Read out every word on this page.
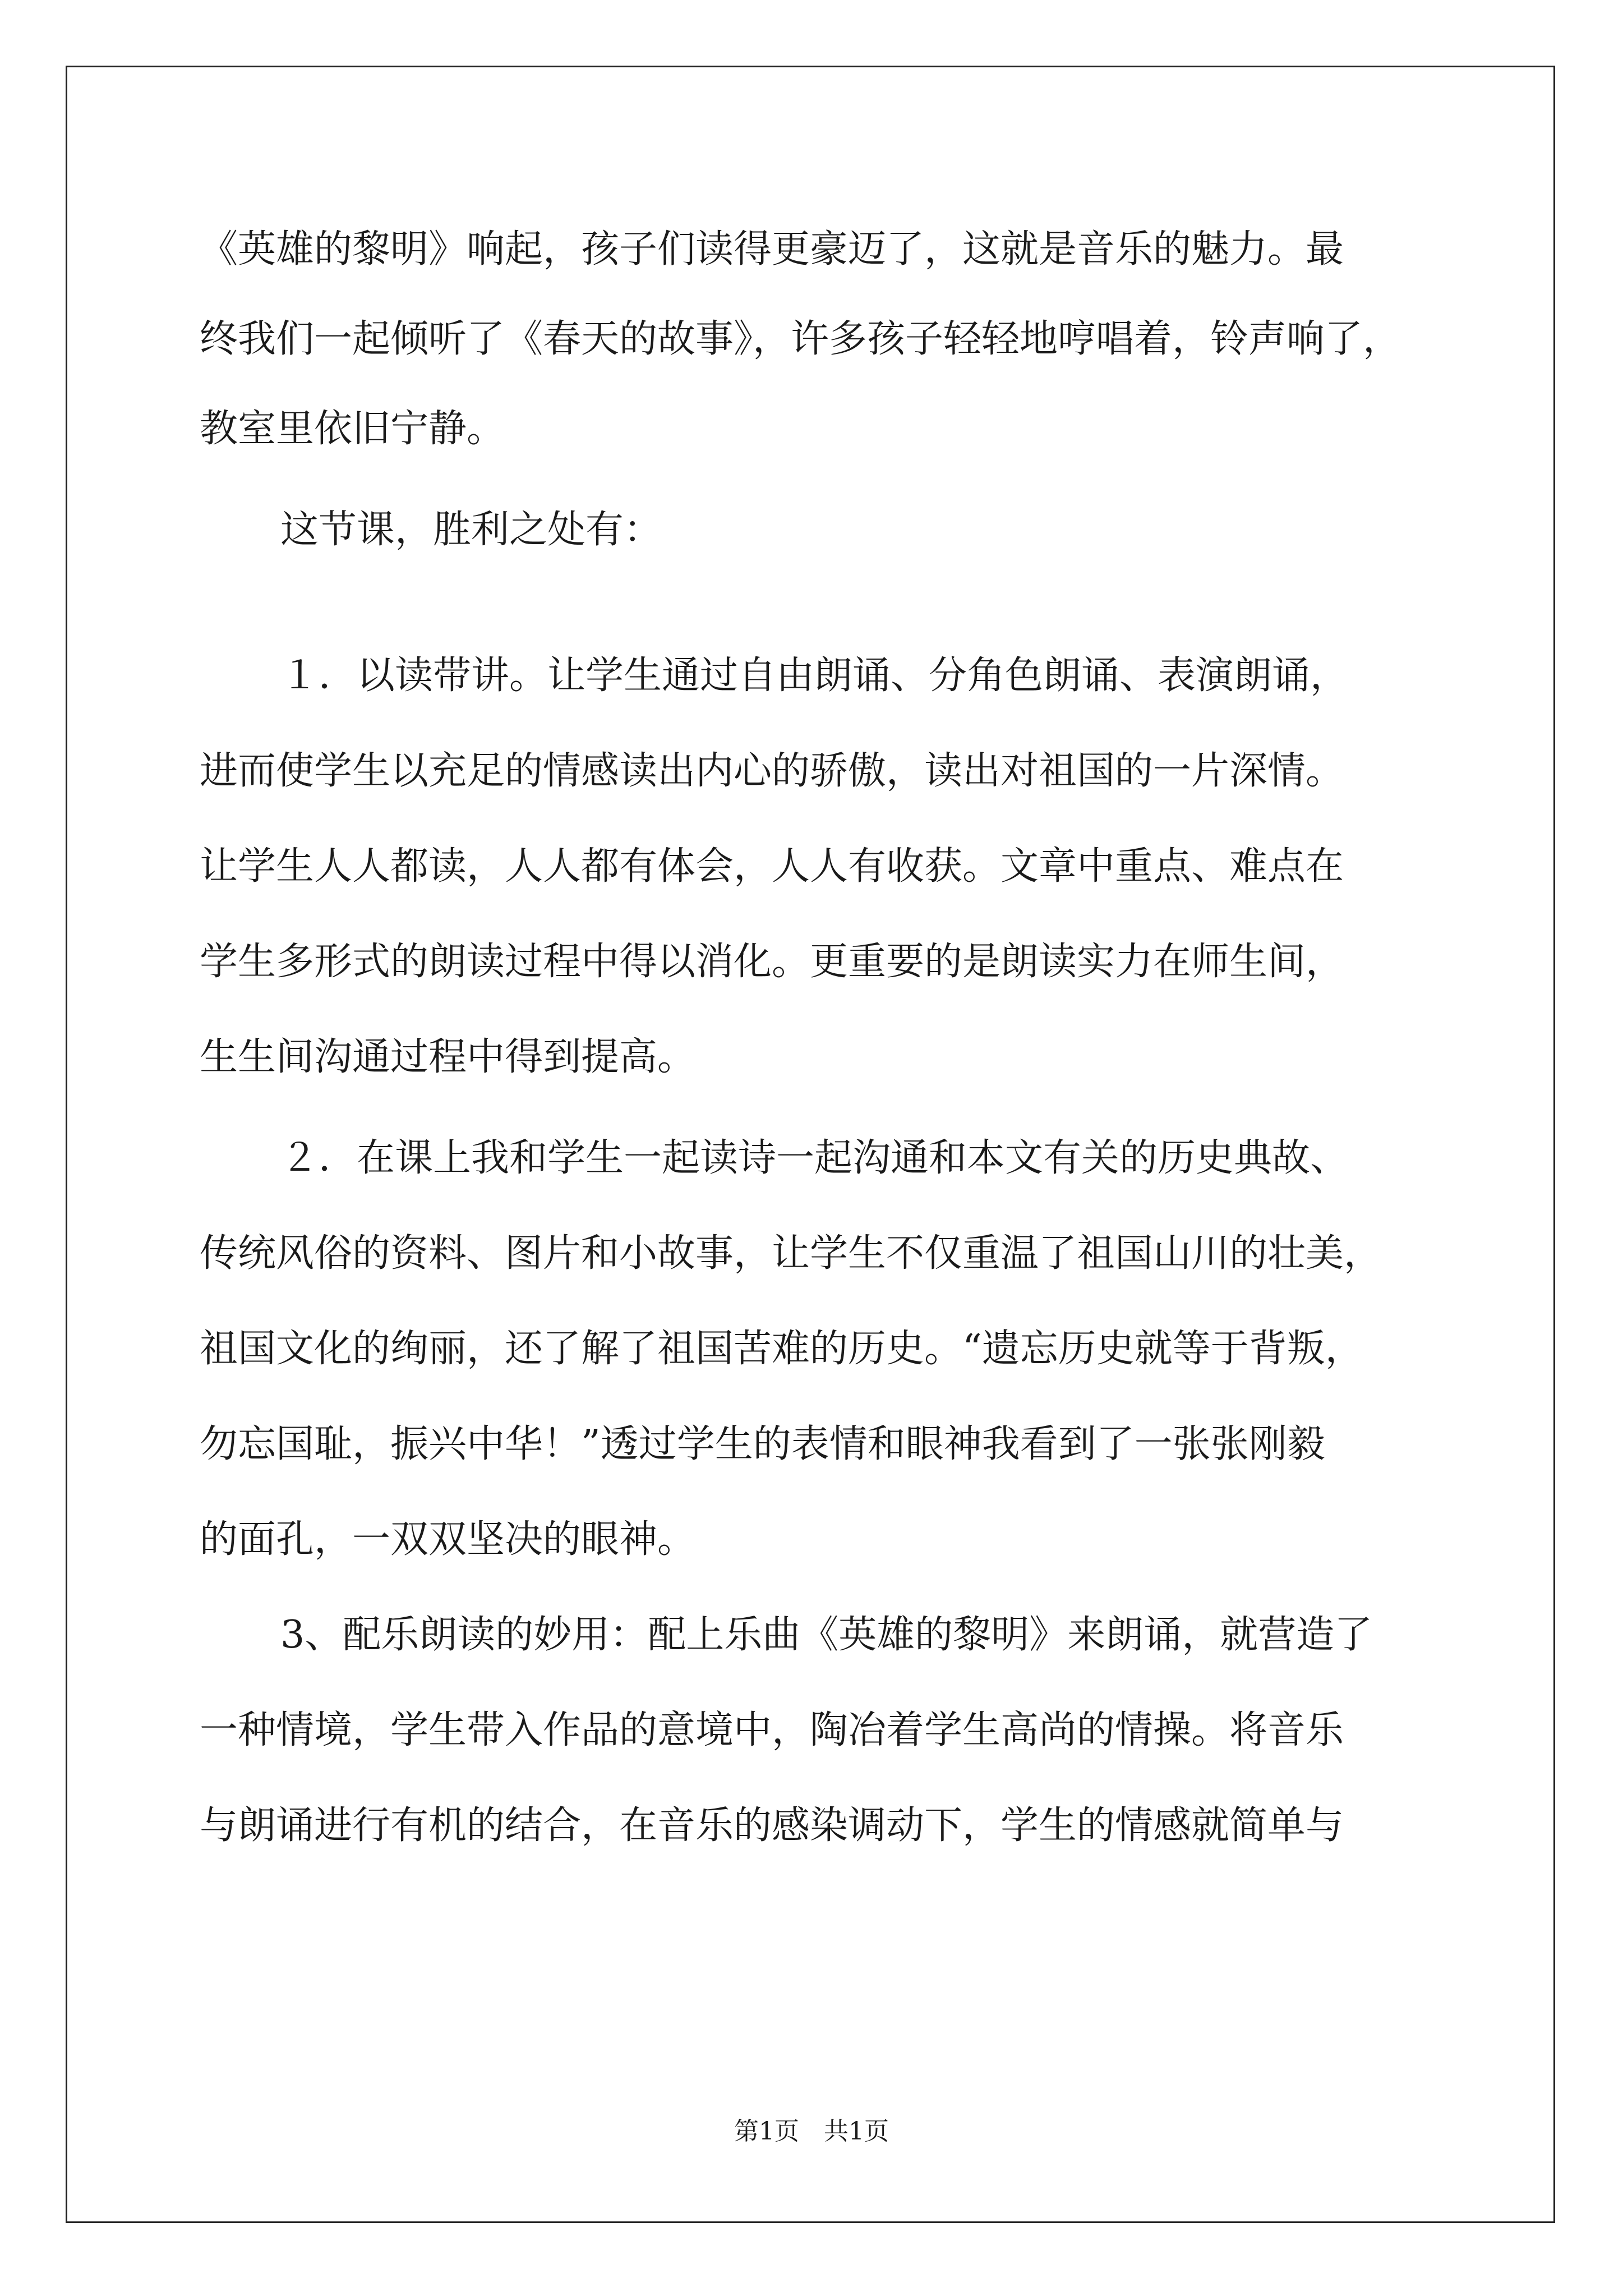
《英雄的黎明》响起，孩子们读得更豪迈了，这就是音乐的魅力。最

终我们一起倾听了《春天的故事》，许多孩子轻轻地哼唱着，铃声响了，

教室里依旧宁静。

这节课，胜利之处有：

１．以读带讲。让学生通过自由朗诵、分角色朗诵、表演朗诵，

进而使学生以充足的情感读出内心的骄傲，读出对祖国的一片深情。

让学生人人都读，人人都有体会，人人有收获。文章中重点、难点在

学生多形式的朗读过程中得以消化。更重要的是朗读实力在师生间，

生生间沟通过程中得到提高。

２．在课上我和学生一起读诗一起沟通和本文有关的历史典故、

传统风俗的资料、图片和小故事，让学生不仅重温了祖国山川的壮美，

祖国文化的绚丽，还了解了祖国苦难的历史。“遗忘历史就等于背叛，

勿忘国耻，振兴中华！”透过学生的表情和眼神我看到了一张张刚毅

的面孔，一双双坚决的眼神。

3、配乐朗读的妙用：配上乐曲《英雄的黎明》来朗诵，就营造了

一种情境，学生带入作品的意境中，陶冶着学生高尚的情操。将音乐

与朗诵进行有机的结合，在音乐的感染调动下，学生的情感就简单与

第1页　共1页
